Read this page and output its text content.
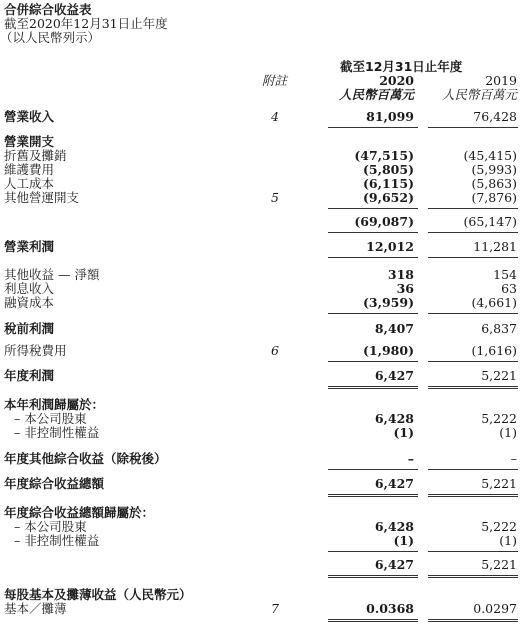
合併綜合收益表
截至2020年12月31日止年度
（以人民幣列示）
截至12月31日止年度
附註	2020	2019
人民幣百萬元 人民幣百萬元
營業收入	4	81,099	76,428
營業開支
折舊及攤銷	(47,515)	(45,415)
維護費用	(5,805)	(5,993)
人工成本	(6,115)	(5,863)
其他營運開支	5	(9,652)	(7,876)
(69,087)	(65,147)
營業利潤	12,012	11,281
其他收益 — 淨額	318	154
利息收入	36	63
融資成本	(3,959)	(4,661)
稅前利潤	8,407	6,837
所得稅費用	6	(1,980)	(1,616)
年度利潤	6,427	5,221
本年利潤歸屬於：
– 本公司股東	6,428	5,222
– 非控制性權益	(1)	(1)
年度其他綜合收益（除稅後）	–	–
年度綜合收益總額	6,427	5,221
年度綜合收益總額歸屬於：
– 本公司股東	6,428	5,222
– 非控制性權益	(1)	(1)
6,427	5,221
每股基本及攤薄收益（人民幣元）
基本／攤薄	7	0.0368	0.0297
